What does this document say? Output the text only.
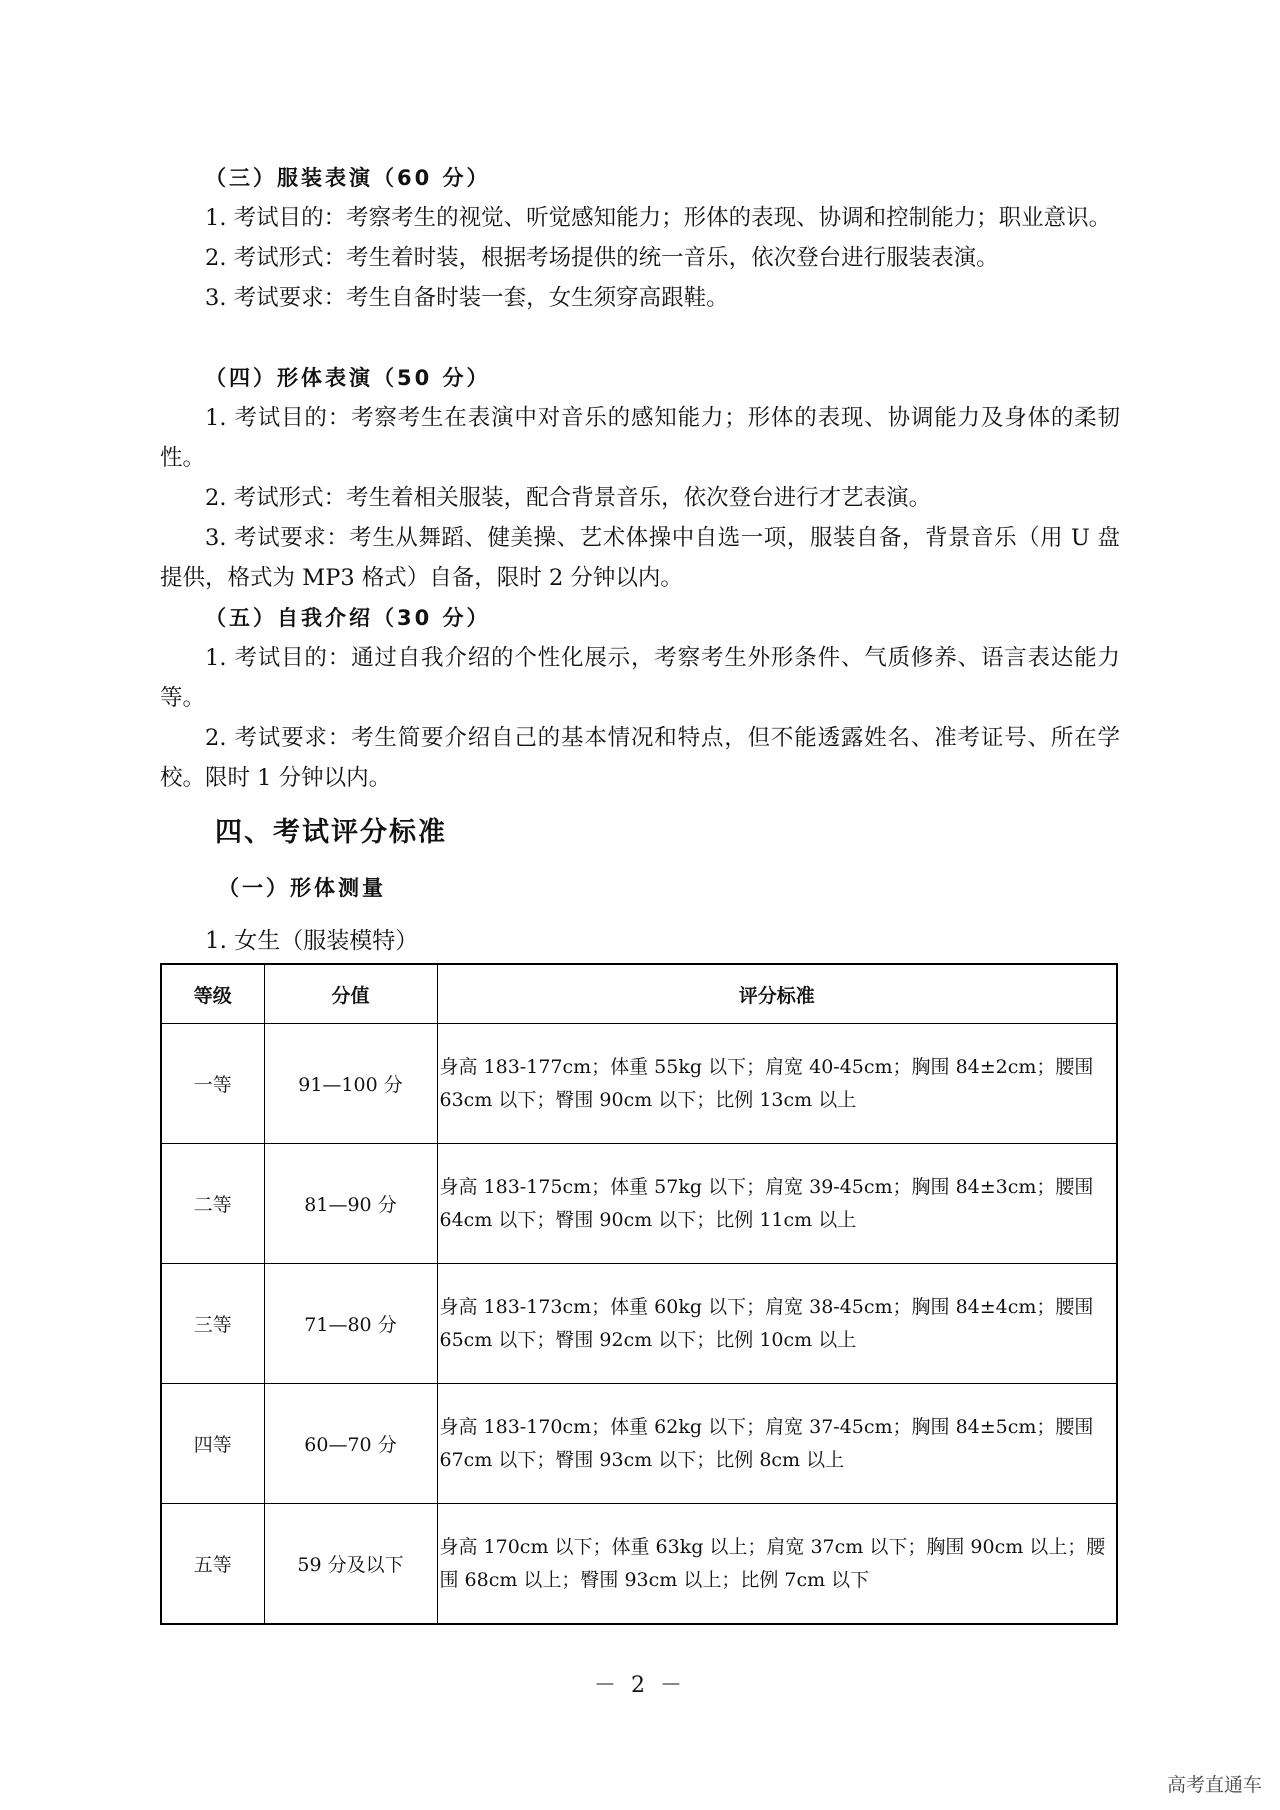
（三）服装表演（60 分）
1. 考试目的：考察考生的视觉、听觉感知能力；形体的表现、协调和控制能力；职业意识。
2. 考试形式：考生着时装，根据考场提供的统一音乐，依次登台进行服装表演。
3. 考试要求：考生自备时装一套，女生须穿高跟鞋。
（四）形体表演（50 分）
1. 考试目的：考察考生在表演中对音乐的感知能力；形体的表现、协调能力及身体的柔韧性。
2. 考试形式：考生着相关服装，配合背景音乐，依次登台进行才艺表演。
3. 考试要求：考生从舞蹈、健美操、艺术体操中自选一项，服装自备，背景音乐（用 U 盘提供，格式为 MP3 格式）自备，限时 2 分钟以内。
（五）自我介绍（30 分）
1. 考试目的：通过自我介绍的个性化展示，考察考生外形条件、气质修养、语言表达能力等。
2. 考试要求：考生简要介绍自己的基本情况和特点，但不能透露姓名、准考证号、所在学校。限时 1 分钟以内。
四、考试评分标准
（一）形体测量
1. 女生（服装模特）
等级	分值	评分标准
一等	91—100 分	身高 183-177cm；体重 55kg 以下；肩宽 40-45cm；胸围 84±2cm；腰围 63cm 以下；臀围 90cm 以下；比例 13cm 以上
二等	81—90 分	身高 183-175cm；体重 57kg 以下；肩宽 39-45cm；胸围 84±3cm；腰围 64cm 以下；臀围 90cm 以下；比例 11cm 以上
三等	71—80 分	身高 183-173cm；体重 60kg 以下；肩宽 38-45cm；胸围 84±4cm；腰围 65cm 以下；臀围 92cm 以下；比例 10cm 以上
四等	60—70 分	身高 183-170cm；体重 62kg 以下；肩宽 37-45cm；胸围 84±5cm；腰围 67cm 以下；臀围 93cm 以下；比例 8cm 以上
五等	59 分及以下	身高 170cm 以下；体重 63kg 以上；肩宽 37cm 以下；胸围 90cm 以上；腰围 68cm 以上；臀围 93cm 以上；比例 7cm 以下
－ 2 －
高考直通车
